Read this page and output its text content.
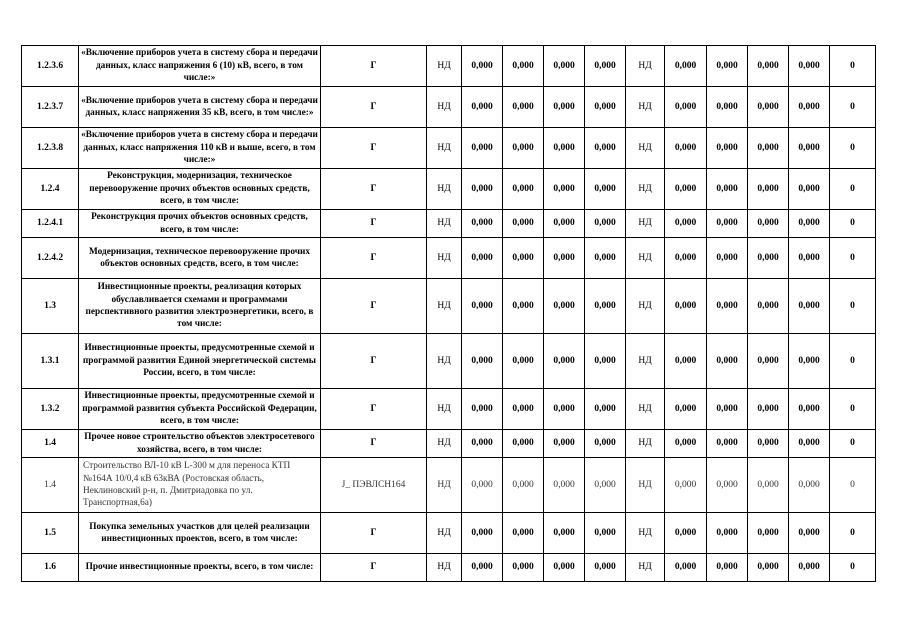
1.2.3.6	«Включение приборов учета в систему сбора и передачи данных, класс напряжения 6 (10) кВ, всего, в том числе:»	Г	НД	0,000	0,000	0,000	0,000	НД	0,000	0,000	0,000	0,000	0
1.2.3.7	«Включение приборов учета в систему сбора и передачи данных, класс напряжения 35 кВ, всего, в том числе:»	Г	НД	0,000	0,000	0,000	0,000	НД	0,000	0,000	0,000	0,000	0
1.2.3.8	«Включение приборов учета в систему сбора и передачи данных, класс напряжения 110 кВ и выше, всего, в том числе:»	Г	НД	0,000	0,000	0,000	0,000	НД	0,000	0,000	0,000	0,000	0
1.2.4	Реконструкция, модернизация, техническое перевооружение прочих объектов основных средств, всего, в том числе:	Г	НД	0,000	0,000	0,000	0,000	НД	0,000	0,000	0,000	0,000	0
1.2.4.1	Реконструкция прочих объектов основных средств, всего, в том числе:	Г	НД	0,000	0,000	0,000	0,000	НД	0,000	0,000	0,000	0,000	0
1.2.4.2	Модернизация, техническое перевооружение прочих объектов основных средств, всего, в том числе:	Г	НД	0,000	0,000	0,000	0,000	НД	0,000	0,000	0,000	0,000	0
1.3	Инвестиционные проекты, реализация которых обуславливается схемами и программами перспективного развития электроэнергетики, всего, в том числе:	Г	НД	0,000	0,000	0,000	0,000	НД	0,000	0,000	0,000	0,000	0
1.3.1	Инвестиционные проекты, предусмотренные схемой и программой развития Единой энергетической системы России, всего, в том числе:	Г	НД	0,000	0,000	0,000	0,000	НД	0,000	0,000	0,000	0,000	0
1.3.2	Инвестиционные проекты, предусмотренные схемой и программой развития субъекта Российской Федерации, всего, в том числе:	Г	НД	0,000	0,000	0,000	0,000	НД	0,000	0,000	0,000	0,000	0
1.4	Прочее новое строительство объектов электросетевого хозяйства, всего, в том числе:	Г	НД	0,000	0,000	0,000	0,000	НД	0,000	0,000	0,000	0,000	0
1.4	Строительство ВЛ-10 кВ L-300 м для переноса КТП №164А 10/0,4 кВ 63кВА (Ростовская область, Неклиновский р-н, п. Дмитриадовка по ул. Транспортная,6а)	J_ ПЭВЛСН164	НД	0,000	0,000	0,000	0,000	НД	0,000	0,000	0,000	0,000	0
1.5	Покупка земельных участков для целей реализации инвестиционных проектов, всего, в том числе:	Г	НД	0,000	0,000	0,000	0,000	НД	0,000	0,000	0,000	0,000	0
1.6	Прочие инвестиционные проекты, всего, в том числе:	Г	НД	0,000	0,000	0,000	0,000	НД	0,000	0,000	0,000	0,000	0
